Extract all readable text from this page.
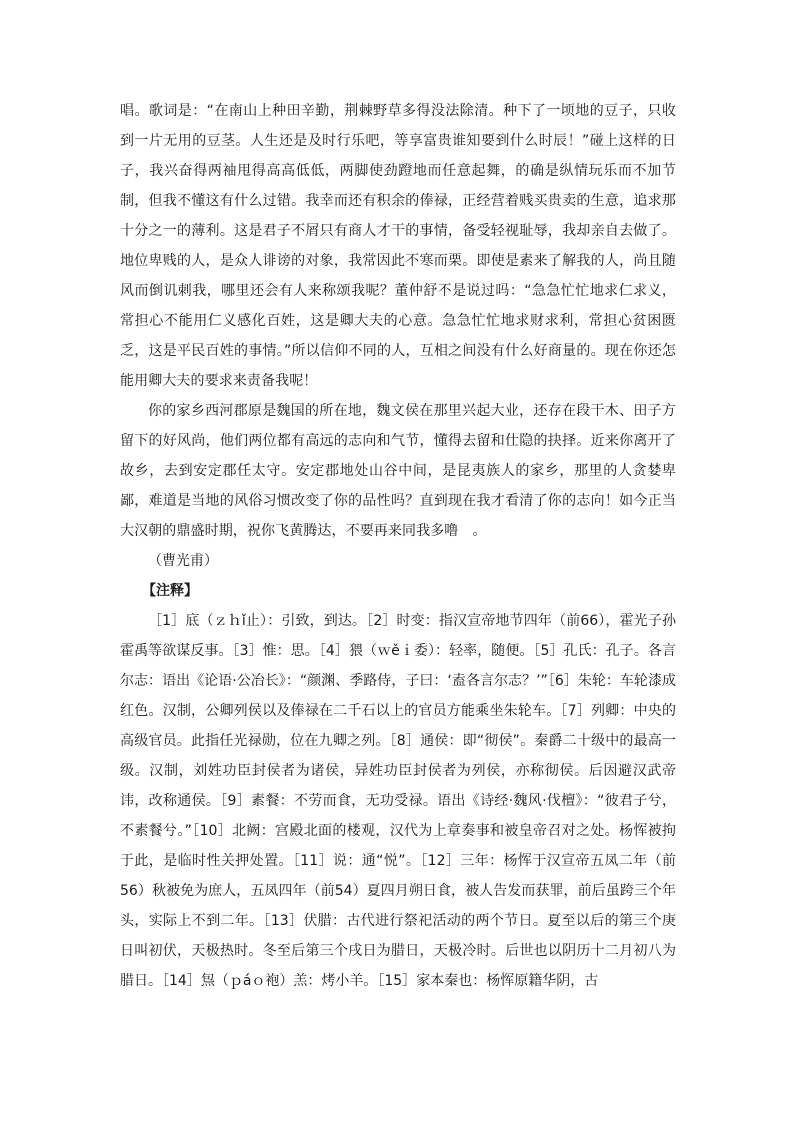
唱。歌词是：“在南山上种田辛勤，荆棘野草多得没法除清。种下了一顷地的豆子，只收到一片无用的豆茎。人生还是及时行乐吧，等享富贵谁知要到什么时辰！”碰上这样的日子，我兴奋得两袖甩得高高低低，两脚使劲蹬地而任意起舞，的确是纵情玩乐而不加节制，但我不懂这有什么过错。我幸而还有积余的俸禄，正经营着贱买贵卖的生意，追求那十分之一的薄利。这是君子不屑只有商人才干的事情，备受轻视耻辱，我却亲自去做了。地位卑贱的人，是众人诽谤的对象，我常因此不寒而栗。即使是素来了解我的人，尚且随风而倒讥刺我，哪里还会有人来称颂我呢？董仲舒不是说过吗：“急急忙忙地求仁求义，常担心不能用仁义感化百姓，这是卿大夫的心意。急急忙忙地求财求利，常担心贫困匮乏，这是平民百姓的事情。”所以信仰不同的人，互相之间没有什么好商量的。现在你还怎能用卿大夫的要求来责备我呢！

你的家乡西河郡原是魏国的所在地，魏文侯在那里兴起大业，还存在段干木、田子方留下的好风尚，他们两位都有高远的志向和气节，懂得去留和仕隐的抉择。近来你离开了故乡，去到安定郡任太守。安定郡地处山谷中间，是昆夷族人的家乡，那里的人贪婪卑鄙，难道是当地的风俗习惯改变了你的品性吗？直到现在我才看清了你的志向！如今正当大汉朝的鼎盛时期，祝你飞黄腾达，不要再来同我多噜　。

（曹光甫）

【注释】

［1］底（ｚｈǐ止）：引致，到达。［2］时变：指汉宣帝地节四年（前66），霍光子孙霍禹等欲谋反事。［3］惟：思。［4］猥（ｗěｉ委）：轻率，随便。［5］孔氏：孔子。各言尔志：语出《论语·公冶长》：“颜渊、季路侍，子曰：‘盍各言尔志？’”［6］朱轮：车轮漆成红色。汉制，公卿列侯以及俸禄在二千石以上的官员方能乘坐朱轮车。［7］列卿：中央的高级官员。此指任光禄勋，位在九卿之列。［8］通侯：即“彻侯”。秦爵二十级中的最高一级。汉制，刘姓功臣封侯者为诸侯，异姓功臣封侯者为列侯，亦称彻侯。后因避汉武帝讳，改称通侯。［9］素餐：不劳而食，无功受禄。语出《诗经·魏风·伐檀》：“彼君子兮，不素餐兮。”［10］北阙：宫殿北面的楼观，汉代为上章奏事和被皇帝召对之处。杨恽被拘于此，是临时性关押处置。［11］说：通“悦”。［12］三年：杨恽于汉宣帝五凤二年（前56）秋被免为庶人，五凤四年（前54）夏四月朔日食，被人告发而获罪，前后虽跨三个年头，实际上不到二年。［13］伏腊：古代进行祭祀活动的两个节日。夏至以后的第三个庚日叫初伏，天极热时。冬至后第三个戌日为腊日，天极冷时。后世也以阴历十二月初八为腊日。［14］炰（ｐáｏ袍）羔：烤小羊。［15］家本秦也：杨恽原籍华阴，古
